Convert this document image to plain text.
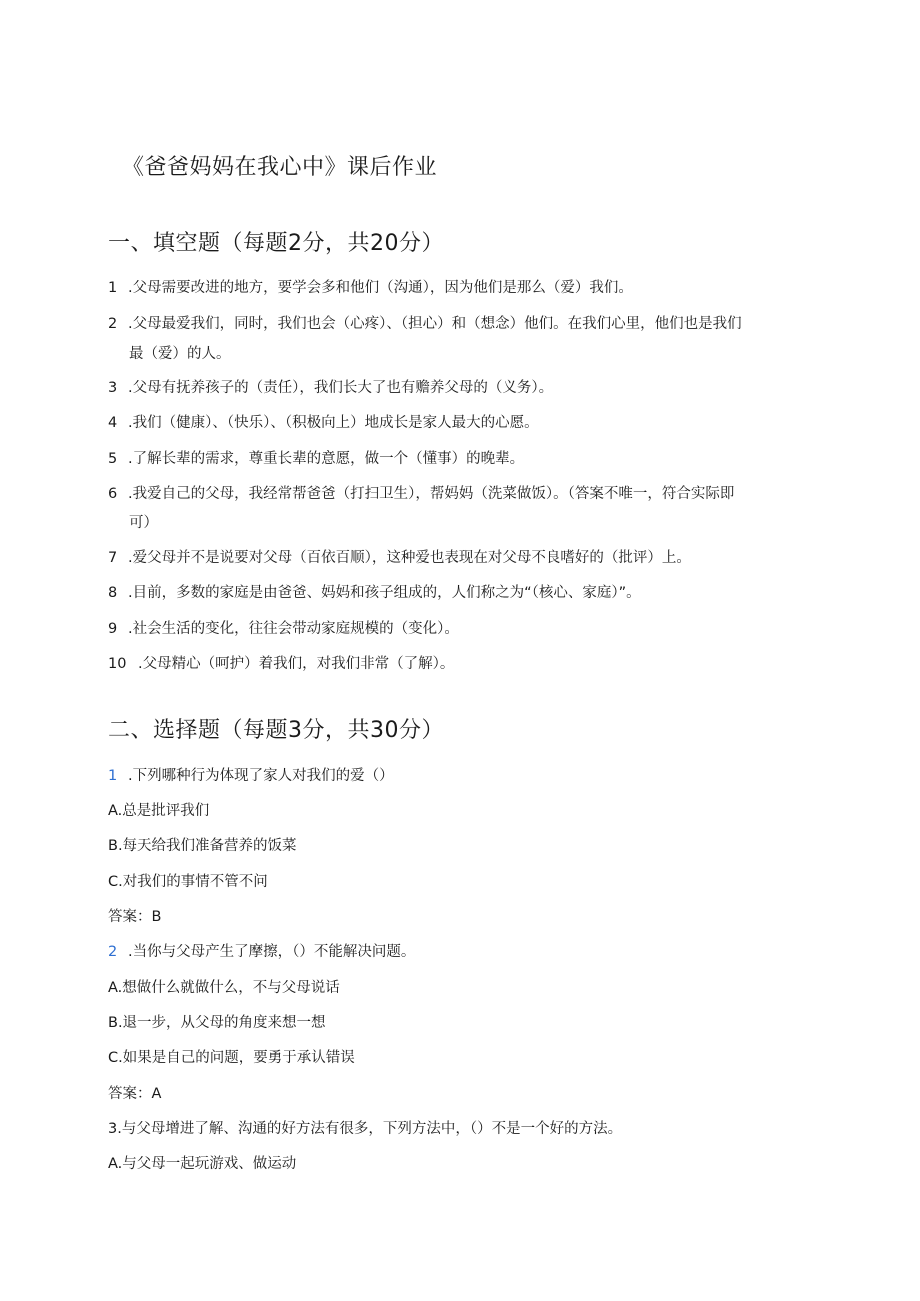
《爸爸妈妈在我心中》课后作业
一、填空题（每题2分，共20分）

1 .父母需要改进的地方，要学会多和他们（沟通），因为他们是那么（爱）我们。

2 .父母最爱我们，同时，我们也会（心疼）、（担心）和（想念）他们。在我们心里，他们也是我们

最（爱）的人。

3 .父母有抚养孩子的（责任），我们长大了也有赡养父母的（义务）。

4 .我们（健康）、（快乐）、（积极向上）地成长是家人最大的心愿。

5 .了解长辈的需求，尊重长辈的意愿，做一个（懂事）的晚辈。

6 .我爱自己的父母，我经常帮爸爸（打扫卫生），帮妈妈（洗菜做饭）。（答案不唯一，符合实际即

可）

7 .爱父母并不是说要对父母（百依百顺），这种爱也表现在对父母不良嗜好的（批评）上。

8 .目前，多数的家庭是由爸爸、妈妈和孩子组成的，人们称之为“（核心、家庭）”。

9 .社会生活的变化，往往会带动家庭规模的（变化）。

10 .父母精心（呵护）着我们，对我们非常（了解）。

二、选择题（每题3分，共30分）

1 .下列哪种行为体现了家人对我们的爱（）

A.总是批评我们

B.每天给我们准备营养的饭菜

C.对我们的事情不管不问

答案：B

2 .当你与父母产生了摩擦，（）不能解决问题。

A.想做什么就做什么，不与父母说话

B.退一步，从父母的角度来想一想

C.如果是自己的问题，要勇于承认错误

答案：A

3.与父母增进了解、沟通的好方法有很多，下列方法中，（）不是一个好的方法。

A.与父母一起玩游戏、做运动
